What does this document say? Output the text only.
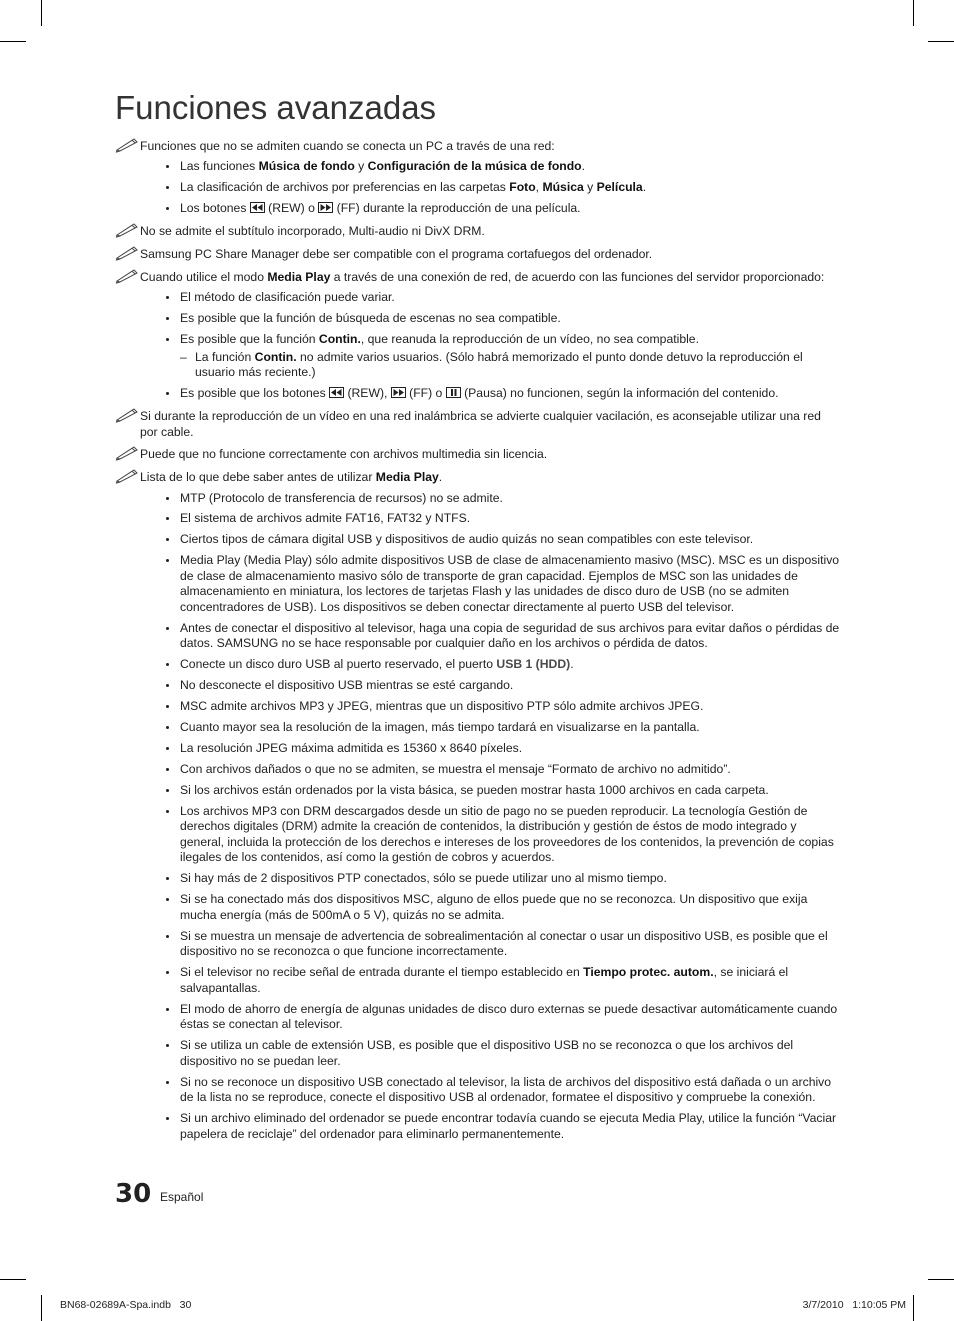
Funciones avanzadas
Funciones que no se admiten cuando se conecta un PC a través de una red:
Las funciones Música de fondo y Configuración de la música de fondo.
La clasificación de archivos por preferencias en las carpetas Foto, Música y Película.
Los botones
(REW) o
(FF) durante la reproducción de una película.
No se admite el subtítulo incorporado, Multi-audio ni DivX DRM.
Samsung PC Share Manager debe ser compatible con el programa cortafuegos del ordenador.
Cuando utilice el modo Media Play a través de una conexión de red, de acuerdo con las funciones del servidor proporcionado:
El método de clasificación puede variar.
Es posible que la función de búsqueda de escenas no sea compatible.
Es posible que la función Contin., que reanuda la reproducción de un vídeo, no sea compatible.
– La función Contin. no admite varios usuarios. (Sólo habrá memorizado el punto donde detuvo la reproducción el usuario más reciente.)
Es posible que los botones
(REW),
(FF) o
(Pausa) no funcionen, según la información del contenido.
Si durante la reproducción de un vídeo en una red inalámbrica se advierte cualquier vacilación, es aconsejable utilizar una red por cable.
Puede que no funcione correctamente con archivos multimedia sin licencia.
Lista de lo que debe saber antes de utilizar Media Play.
MTP (Protocolo de transferencia de recursos) no se admite.
El sistema de archivos admite FAT16, FAT32 y NTFS.
Ciertos tipos de cámara digital USB y dispositivos de audio quizás no sean compatibles con este televisor.
Media Play (Media Play) sólo admite dispositivos USB de clase de almacenamiento masivo (MSC). MSC es un dispositivo de clase de almacenamiento masivo sólo de transporte de gran capacidad. Ejemplos de MSC son las unidades de almacenamiento en miniatura, los lectores de tarjetas Flash y las unidades de disco duro de USB (no se admiten concentradores de USB). Los dispositivos se deben conectar directamente al puerto USB del televisor.
Antes de conectar el dispositivo al televisor, haga una copia de seguridad de sus archivos para evitar daños o pérdidas de datos. SAMSUNG no se hace responsable por cualquier daño en los archivos o pérdida de datos.
Conecte un disco duro USB al puerto reservado, el puerto USB 1 (HDD).
No desconecte el dispositivo USB mientras se esté cargando.
MSC admite archivos MP3 y JPEG, mientras que un dispositivo PTP sólo admite archivos JPEG.
Cuanto mayor sea la resolución de la imagen, más tiempo tardará en visualizarse en la pantalla.
La resolución JPEG máxima admitida es 15360 x 8640 píxeles.
Con archivos dañados o que no se admiten, se muestra el mensaje “Formato de archivo no admitido”.
Si los archivos están ordenados por la vista básica, se pueden mostrar hasta 1000 archivos en cada carpeta.
Los archivos MP3 con DRM descargados desde un sitio de pago no se pueden reproducir. La tecnología Gestión de derechos digitales (DRM) admite la creación de contenidos, la distribución y gestión de éstos de modo integrado y general, incluida la protección de los derechos e intereses de los proveedores de los contenidos, la prevención de copias ilegales de los contenidos, así como la gestión de cobros y acuerdos.
Si hay más de 2 dispositivos PTP conectados, sólo se puede utilizar uno al mismo tiempo.
Si se ha conectado más dos dispositivos MSC, alguno de ellos puede que no se reconozca. Un dispositivo que exija mucha energía (más de 500mA o 5 V), quizás no se admita.
Si se muestra un mensaje de advertencia de sobrealimentación al conectar o usar un dispositivo USB, es posible que el dispositivo no se reconozca o que funcione incorrectamente.
Si el televisor no recibe señal de entrada durante el tiempo establecido en Tiempo protec. autom., se iniciará el salvapantallas.
El modo de ahorro de energía de algunas unidades de disco duro externas se puede desactivar automáticamente cuando éstas se conectan al televisor.
Si se utiliza un cable de extensión USB, es posible que el dispositivo USB no se reconozca o que los archivos del dispositivo no se puedan leer.
Si no se reconoce un dispositivo USB conectado al televisor, la lista de archivos del dispositivo está dañada o un archivo de la lista no se reproduce, conecte el dispositivo USB al ordenador, formatee el dispositivo y compruebe la conexión.
Si un archivo eliminado del ordenador se puede encontrar todavía cuando se ejecuta Media Play, utilice la función “Vaciar papelera de reciclaje” del ordenador para eliminarlo permanentemente.
30 Español
BN68-02689A-Spa.indb   30	3/7/2010   1:10:05 PM
